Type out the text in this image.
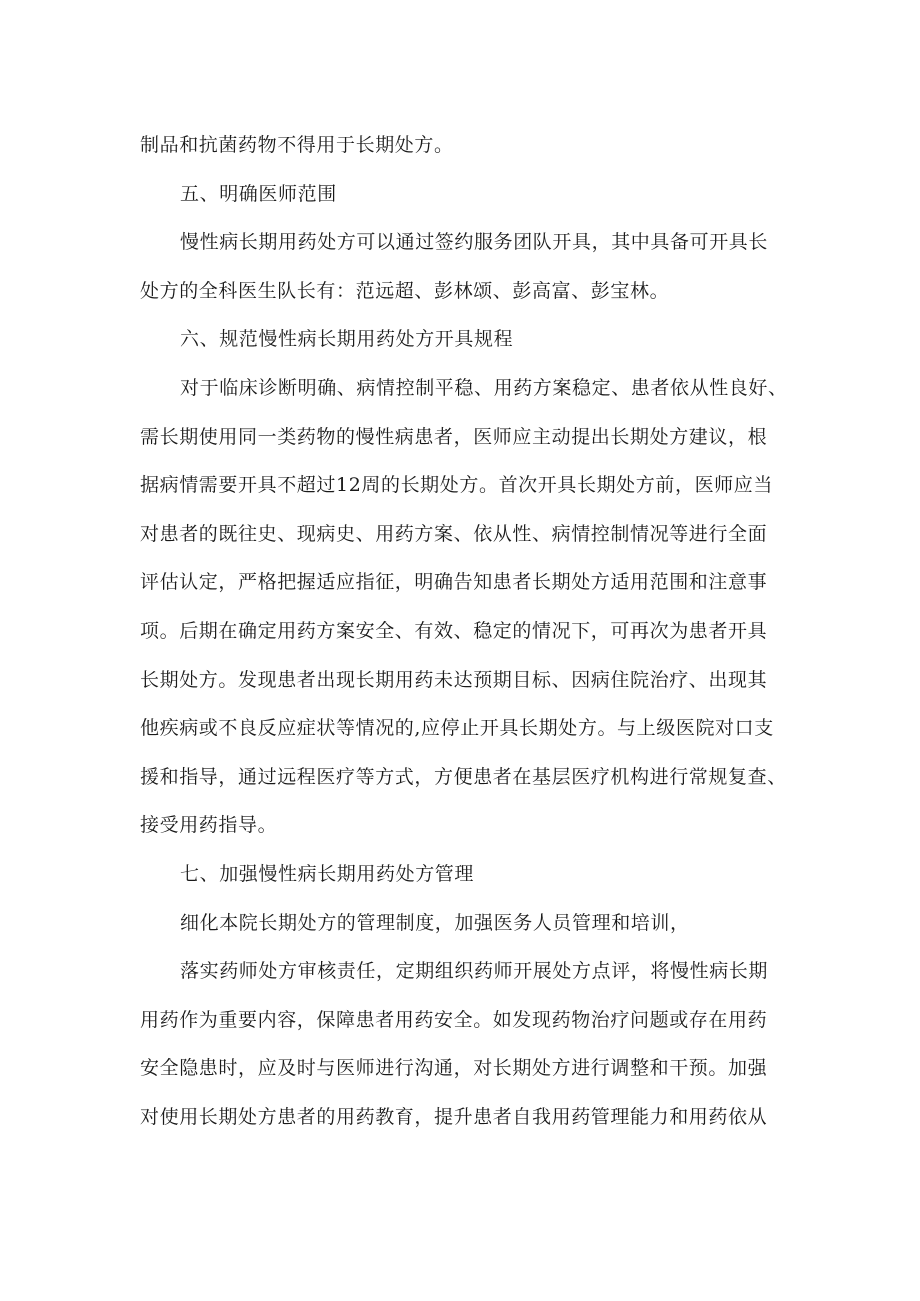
制品和抗菌药物不得用于长期处方。
五、明确医师范围
慢性病长期用药处方可以通过签约服务团队开具，其中具备可开具长
处方的全科医生队长有：范远超、彭林颂、彭高富、彭宝林。
六、规范慢性病长期用药处方开具规程
对于临床诊断明确、病情控制平稳、用药方案稳定、患者依从性良好、
需长期使用同一类药物的慢性病患者，医师应主动提出长期处方建议，根
据病情需要开具不超过12周的长期处方。首次开具长期处方前，医师应当
对患者的既往史、现病史、用药方案、依从性、病情控制情况等进行全面
评估认定，严格把握适应指征，明确告知患者长期处方适用范围和注意事
项。后期在确定用药方案安全、有效、稳定的情况下，可再次为患者开具
长期处方。发现患者出现长期用药未达预期目标、因病住院治疗、出现其
他疾病或不良反应症状等情况的,应停止开具长期处方。与上级医院对口支
援和指导，通过远程医疗等方式，方便患者在基层医疗机构进行常规复查、
接受用药指导。
七、加强慢性病长期用药处方管理
细化本院长期处方的管理制度，加强医务人员管理和培训，
落实药师处方审核责任，定期组织药师开展处方点评，将慢性病长期
用药作为重要内容，保障患者用药安全。如发现药物治疗问题或存在用药
安全隐患时，应及时与医师进行沟通，对长期处方进行调整和干预。加强
对使用长期处方患者的用药教育，提升患者自我用药管理能力和用药依从
